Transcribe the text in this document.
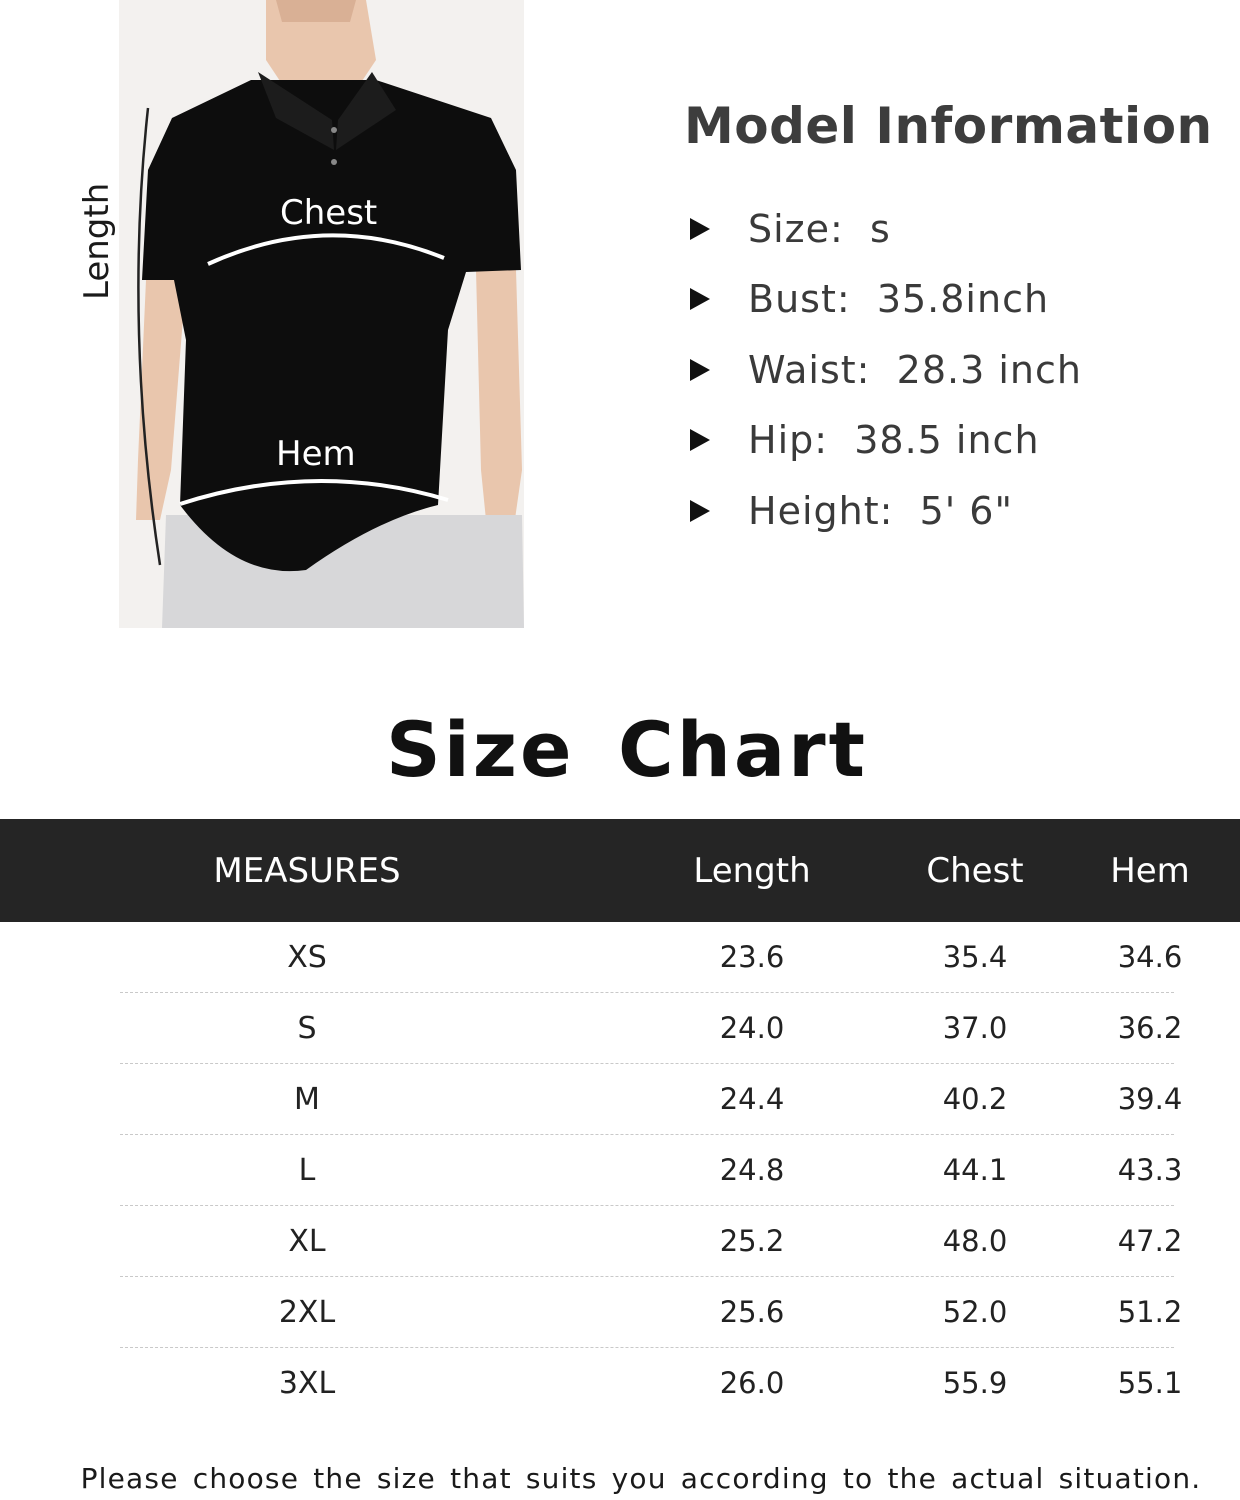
Chest
Hem
Length
Model Information
Size: s
Bust: 35.8inch
Waist: 28.3 inch
Hip: 38.5 inch
Height: 5' 6"
Size Chart
MEASURES	Length	Chest	Hem
XS	23.6	35.4	34.6

S	24.0	37.0	36.2

M	24.4	40.2	39.4

L	24.8	44.1	43.3

XL	25.2	48.0	47.2

2XL	25.6	52.0	51.2

3XL	26.0	55.9	55.1

Please choose the size that suits you according to the actual situation.
